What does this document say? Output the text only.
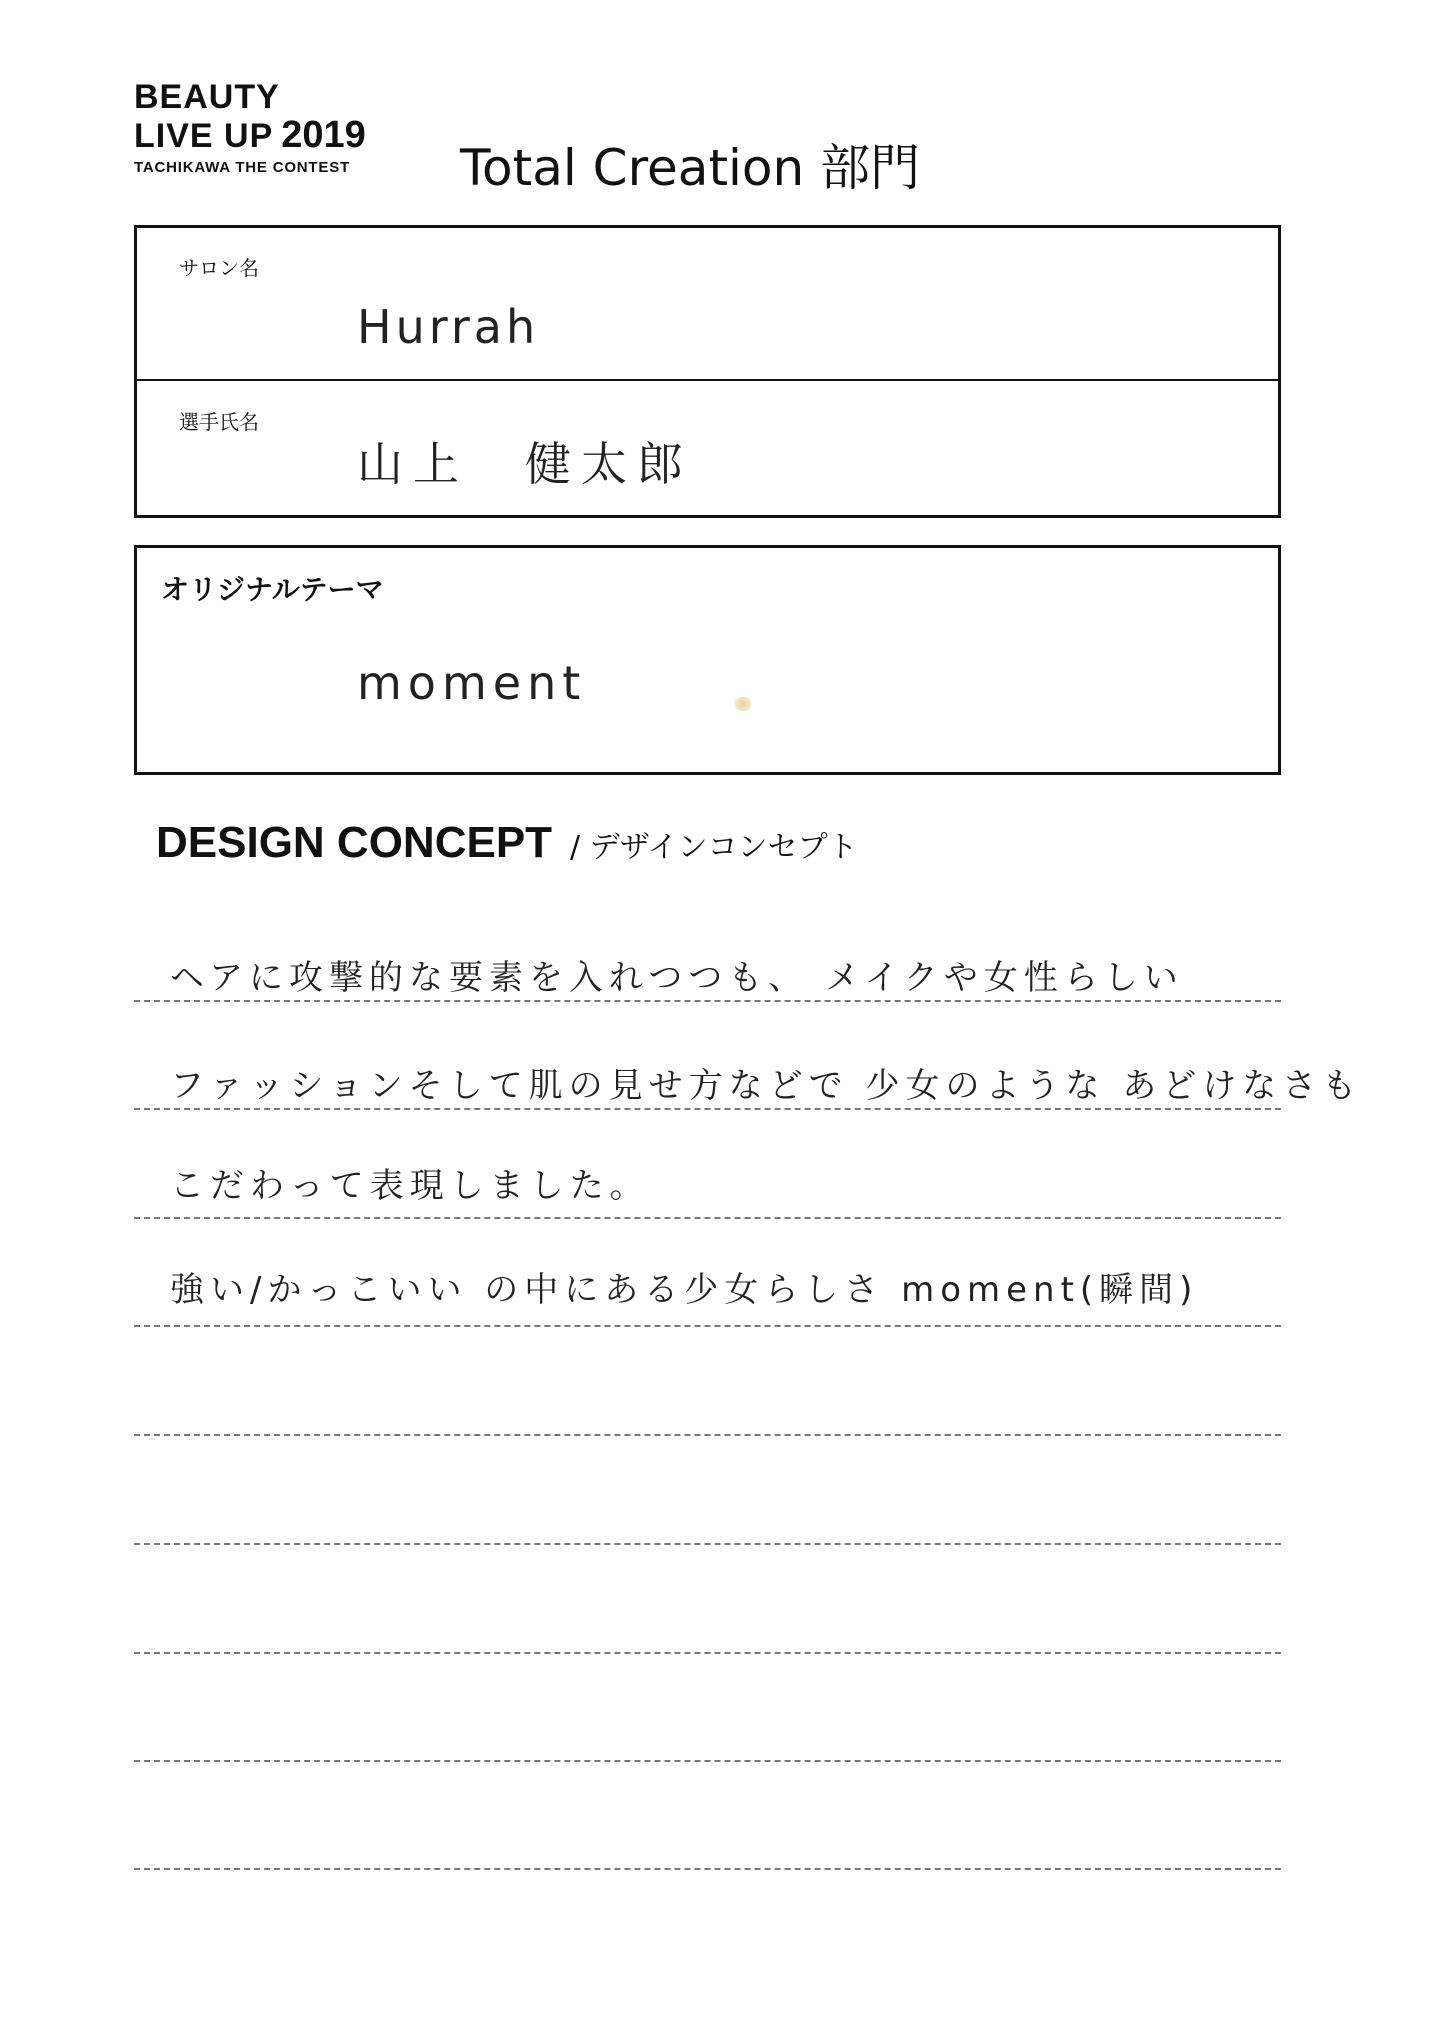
BEAUTY
LIVE UP 2019
TACHIKAWA THE CONTEST	Total Creation 部門
サロン名
Hurrah
選手氏名
山上　健太郎
オリジナルテーマ
moment
DESIGN CONCEPT / デザインコンセプト
ヘアに攻撃的な要素を入れつつも、 メイクや女性らしい
ファッションそして肌の見せ方などで 少女のような あどけなさも
こだわって表現しました。
強い/かっこいい の中にある少女らしさ moment(瞬間)
